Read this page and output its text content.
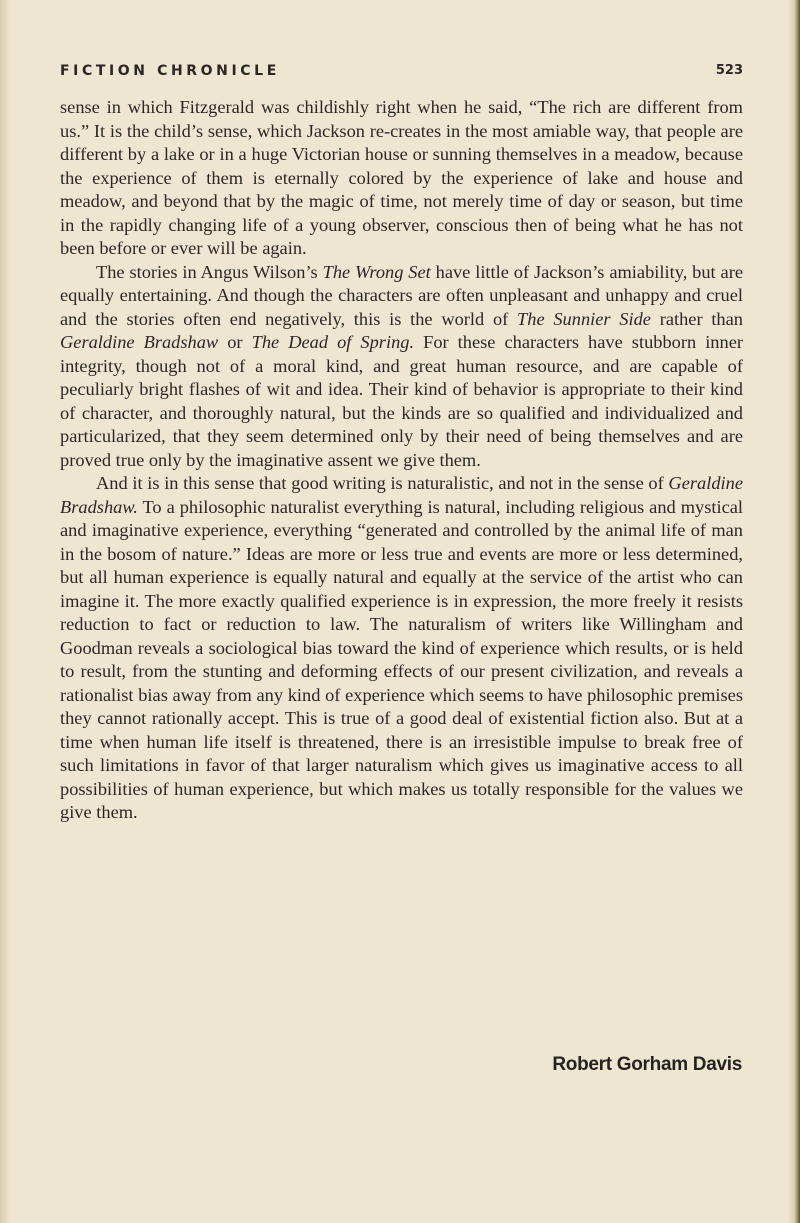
FICTION CHRONICLE	523

sense in which Fitzgerald was childishly right when he said, “The rich are different from us.” It is the child’s sense, which Jackson re-creates in the most amiable way, that people are different by a lake or in a huge Victorian house or sunning themselves in a meadow, because the experience of them is eternally colored by the experience of lake and house and meadow, and beyond that by the magic of time, not merely time of day or season, but time in the rapidly changing life of a young observer, conscious then of being what he has not been before or ever will be again.

The stories in Angus Wilson’s The Wrong Set have little of Jackson’s amiability, but are equally entertaining. And though the characters are often unpleasant and unhappy and cruel and the stories often end negatively, this is the world of The Sunnier Side rather than Geraldine Bradshaw or The Dead of Spring. For these characters have stubborn inner integrity, though not of a moral kind, and great human resource, and are capable of peculiarly bright flashes of wit and idea. Their kind of behavior is appropriate to their kind of character, and thoroughly natural, but the kinds are so qualified and individualized and particularized, that they seem determined only by their need of being themselves and are proved true only by the imaginative assent we give them.

And it is in this sense that good writing is naturalistic, and not in the sense of Geraldine Bradshaw. To a philosophic naturalist everything is natural, including religious and mystical and imaginative experience, everything “generated and controlled by the animal life of man in the bosom of nature.” Ideas are more or less true and events are more or less determined, but all human experience is equally natural and equally at the service of the artist who can imagine it. The more exactly qualified experience is in expression, the more freely it resists reduction to fact or reduction to law. The naturalism of writers like Willingham and Goodman reveals a sociological bias toward the kind of experience which results, or is held to result, from the stunting and deforming effects of our present civilization, and reveals a rationalist bias away from any kind of experience which seems to have philosophic premises they cannot rationally accept. This is true of a good deal of existential fiction also. But at a time when human life itself is threatened, there is an irresistible impulse to break free of such limitations in favor of that larger naturalism which gives us imaginative access to all possibilities of human experience, but which makes us totally responsible for the values we give them.

Robert Gorham Davis
